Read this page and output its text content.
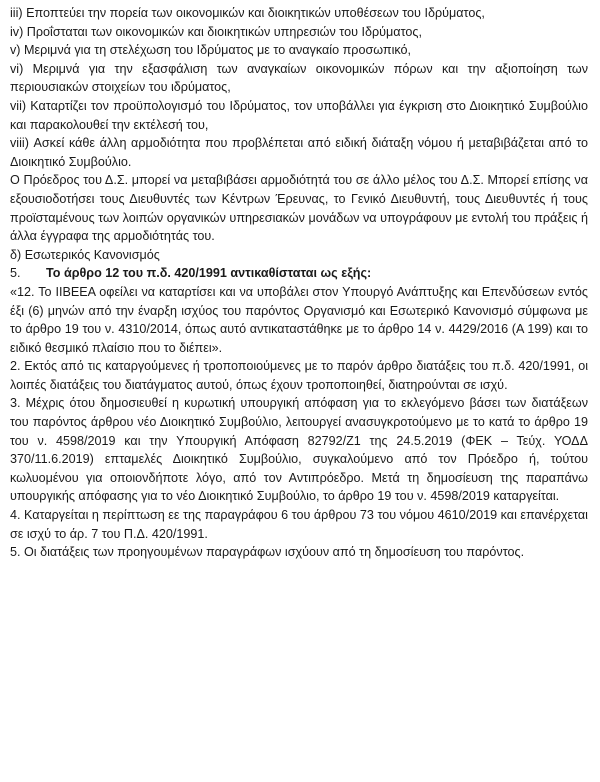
iii) Εποπτεύει την πορεία των οικονομικών και διοικητικών υποθέσεων του Ιδρύματος,

iv) Προΐσταται των οικονομικών και διοικητικών υπηρεσιών του Ιδρύματος,

v) Μεριμνά για τη στελέχωση του Ιδρύματος με το αναγκαίο προσωπικό,

vi) Μεριμνά για την εξασφάλιση των αναγκαίων οικονομικών πόρων και την αξιοποίηση των περιουσιακών στοιχείων του ιδρύματος,

vii) Καταρτίζει τον προϋπολογισμό του Ιδρύματος, τον υποβάλλει για έγκριση στο Διοικητικό Συμβούλιο και παρακολουθεί την εκτέλεσή του,

viii) Ασκεί κάθε άλλη αρμοδιότητα που προβλέπεται από ειδική διάταξη νόμου ή μεταβιβάζεται από το Διοικητικό Συμβούλιο.

Ο Πρόεδρος του Δ.Σ. μπορεί να μεταβιβάσει αρμοδιότητά του σε άλλο μέλος του Δ.Σ. Μπορεί επίσης να εξουσιοδοτήσει τους Διευθυντές των Κέντρων Έρευνας, το Γενικό Διευθυντή, τους Διευθυντές ή τους προϊσταμένους των λοιπών οργανικών υπηρεσιακών μονάδων να υπογράφουν με εντολή του πράξεις ή άλλα έγγραφα της αρμοδιότητάς του.

δ) Εσωτερικός Κανονισμός

5.	Το άρθρο 12 του π.δ. 420/1991 αντικαθίσταται ως εξής:

«12. Το ΙΙΒΕΕΑ οφείλει να καταρτίσει και να υποβάλει στον Υπουργό Ανάπτυξης και Επενδύσεων εντός έξι (6) μηνών από την έναρξη ισχύος του παρόντος Οργανισμό και Εσωτερικό Κανονισμό σύμφωνα με το άρθρο 19 του ν. 4310/2014, όπως αυτό αντικαταστάθηκε με το άρθρο 14 ν. 4429/2016 (Α 199) και το ειδικό θεσμικό πλαίσιο που το διέπει».

2. Εκτός από τις καταργούμενες ή τροποποιούμενες με το παρόν άρθρο διατάξεις του π.δ. 420/1991, οι λοιπές διατάξεις του διατάγματος αυτού, όπως έχουν τροποποιηθεί, διατηρούνται σε ισχύ.

3. Μέχρις ότου δημοσιευθεί η κυρωτική υπουργική απόφαση για το εκλεγόμενο βάσει των διατάξεων του παρόντος άρθρου νέο Διοικητικό Συμβούλιο, λειτουργεί ανασυγκροτούμενο με το κατά το άρθρο 19 του ν. 4598/2019 και την Υπουργική Απόφαση 82792/Ζ1 της 24.5.2019 (ΦΕΚ – Τεύχ. ΥΟΔΔ 370/11.6.2019) επταμελές Διοικητικό Συμβούλιο, συγκαλούμενο από τον Πρόεδρο ή, τούτου κωλυομένου για οποιονδήποτε λόγο, από τον Αντιπρόεδρο. Μετά τη δημοσίευση της παραπάνω υπουργικής απόφασης για το νέο Διοικητικό Συμβούλιο, το άρθρο 19 του ν. 4598/2019 καταργείται.

4. Καταργείται η περίπτωση εε της παραγράφου 6 του άρθρου 73 του νόμου 4610/2019 και επανέρχεται σε ισχύ το άρ. 7 του Π.Δ. 420/1991.

5. Οι διατάξεις των προηγουμένων παραγράφων ισχύουν από τη δημοσίευση του παρόντος.
